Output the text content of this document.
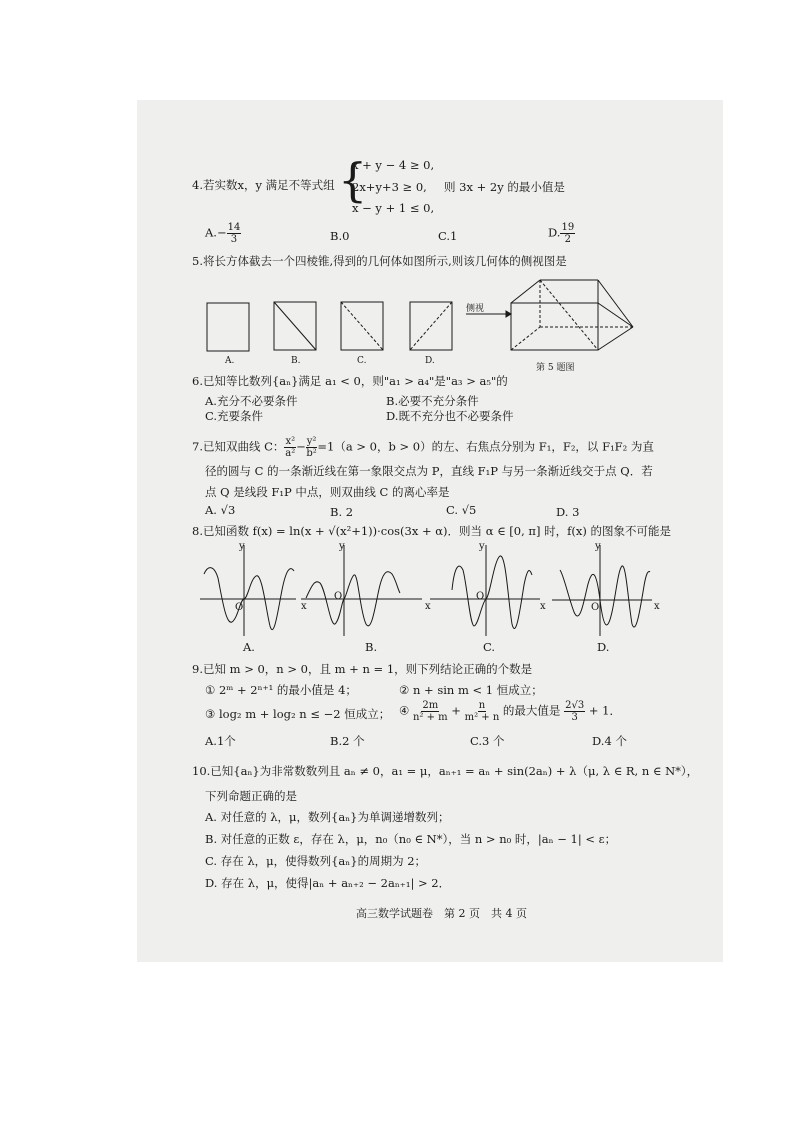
4.若实数x，y 满足不等式组 {
x + y − 4 ≥ 0,
2x+y+3 ≥ 0,
x − y + 1 ≤ 0,
则 3x + 2y 的最小值是
$A.- \frac{14}{3}$	B.0	C.1	D. $\frac{19}{2}$
5.将长方体截去一个四棱锥,得到的几何体如图所示,则该几何体的侧视图是
A.	B.	C.	D.
侧视
第 5 题图
6.已知等比数列{aₙ}满足 a₁ < 0，则"a₁ > a₄"是"a₃ > a₅"的
A.充分不必要条件	B.必要不充分条件
C.充要条件	D.既不充分也不必要条件
7.已知双曲线 C： $\frac{\text{x²}}{\text{a²}} - \frac{\text{y²}}{\text{b²}} =1(a > 0$，b > 0）的左、右焦点分别为 F₁，F₂，以 F₁F₂ 为直
径的圆与 C 的一条渐近线在第一象限交点为 P，直线 F₁P 与另一条渐近线交于点 Q．若
点 Q 是线段 F₁P 中点，则双曲线 C 的离心率是
A. √3	B. 2	C. √5	D. 3
8.已知函数 f(x) = ln(x + √(x²+1))·cos(3x + α)．则当 α ∈ [0, π] 时，f(x) 的图象不可能是
y
x
O
y
x
O
y
x
O
y
x
O
A.	B.	C.	D.
9.已知 m > 0，n > 0，且 m + n = 1，则下列结论正确的个数是
① 2ᵐ + 2ⁿ⁺¹ 的最小值是 4；	② n + sin m < 1 恒成立；
③ log₂ m + log₂ n ≤ −2 恒成立； ④ $\frac{2m}{\text{n² + m}} + \frac{n}{\text{m² + n}}$ 的最大值是 $\frac{2√3}{3} + 1$．
A.1个	B.2 个	C.3 个	D.4 个
10.已知{aₙ}为非常数数列且 aₙ ≠ 0，a₁ = μ，aₙ₊₁ = aₙ + sin(2aₙ) + λ（μ, λ ∈ R, n ∈ N*），
下列命题正确的是
A. 对任意的 λ，μ，数列{aₙ}为单调递增数列；
B. 对任意的正数 ε，存在 λ，μ，n₀（n₀ ∈ N*），当 n > n₀ 时，|aₙ − 1| < ε；
C. 存在 λ，μ，使得数列{aₙ}的周期为 2；
D. 存在 λ，μ，使得|aₙ + aₙ₊₂ − 2aₙ₊₁| > 2．
高三数学试题卷　第 2 页　共 4 页
